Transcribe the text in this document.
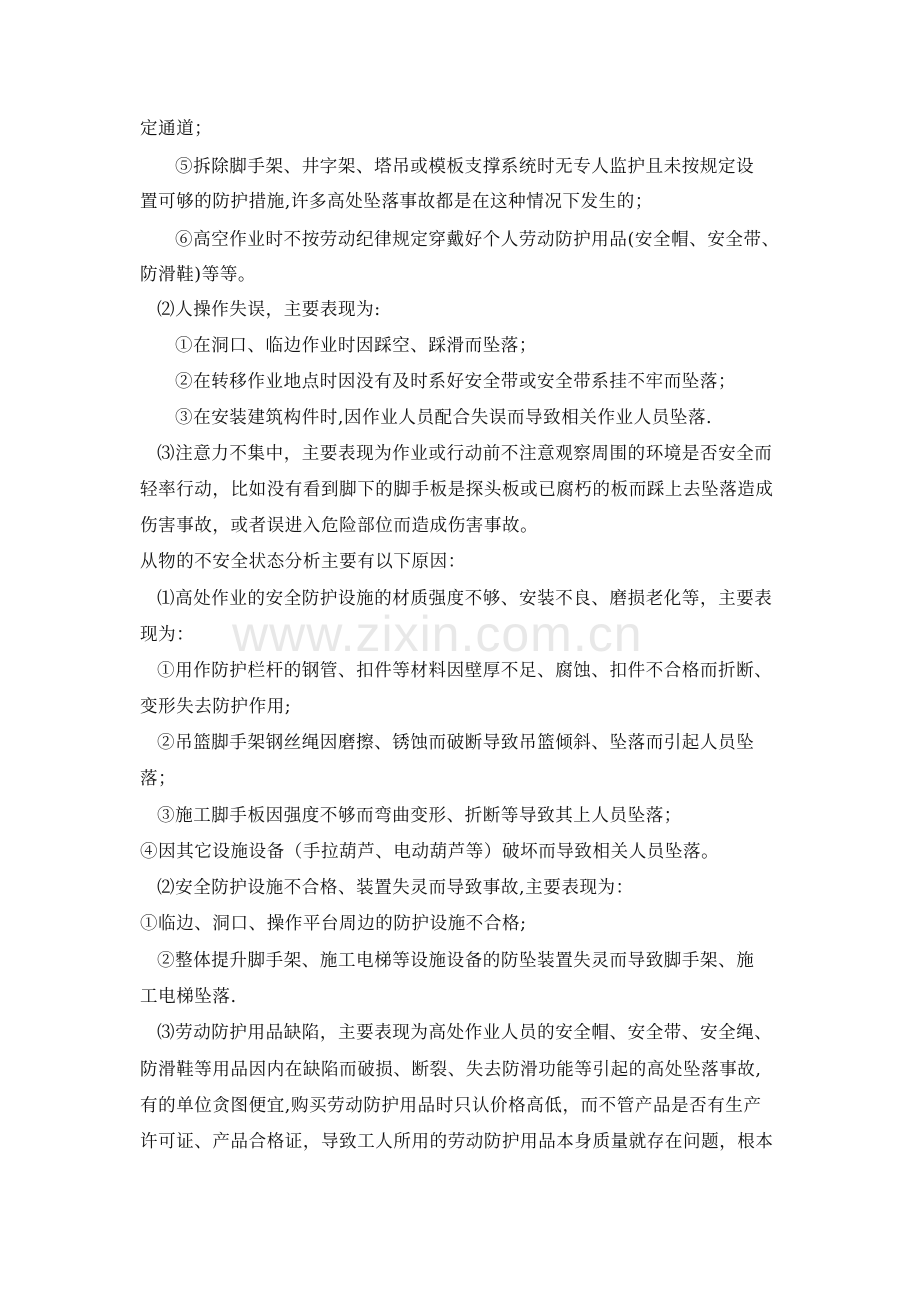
定通道；
⑤拆除脚手架、井字架、塔吊或模板支撑系统时无专人监护且未按规定设
置可够的防护措施,许多高处坠落事故都是在这种情况下发生的；
⑥高空作业时不按劳动纪律规定穿戴好个人劳动防护用品(安全帽、安全带、
防滑鞋)等等。
⑵人操作失误，主要表现为:
①在洞口、临边作业时因踩空、踩滑而坠落；
②在转移作业地点时因没有及时系好安全带或安全带系挂不牢而坠落；
③在安装建筑构件时,因作业人员配合失误而导致相关作业人员坠落.
⑶注意力不集中，主要表现为作业或行动前不注意观察周围的环境是否安全而
轻率行动，比如没有看到脚下的脚手板是探头板或已腐朽的板而踩上去坠落造成
伤害事故，或者误进入危险部位而造成伤害事故。
从物的不安全状态分析主要有以下原因：
⑴高处作业的安全防护设施的材质强度不够、安装不良、磨损老化等，主要表
现为：
①用作防护栏杆的钢管、扣件等材料因壁厚不足、腐蚀、扣件不合格而折断、
变形失去防护作用;
②吊篮脚手架钢丝绳因磨擦、锈蚀而破断导致吊篮倾斜、坠落而引起人员坠
落；
③施工脚手板因强度不够而弯曲变形、折断等导致其上人员坠落；
④因其它设施设备（手拉葫芦、电动葫芦等）破坏而导致相关人员坠落。
⑵安全防护设施不合格、装置失灵而导致事故,主要表现为：
①临边、洞口、操作平台周边的防护设施不合格;
②整体提升脚手架、施工电梯等设施设备的防坠装置失灵而导致脚手架、施
工电梯坠落.
⑶劳动防护用品缺陷，主要表现为高处作业人员的安全帽、安全带、安全绳、
防滑鞋等用品因内在缺陷而破损、断裂、失去防滑功能等引起的高处坠落事故,
有的单位贪图便宜,购买劳动防护用品时只认价格高低，而不管产品是否有生产
许可证、产品合格证，导致工人所用的劳动防护用品本身质量就存在问题，根本
www.zixin.com.cn
